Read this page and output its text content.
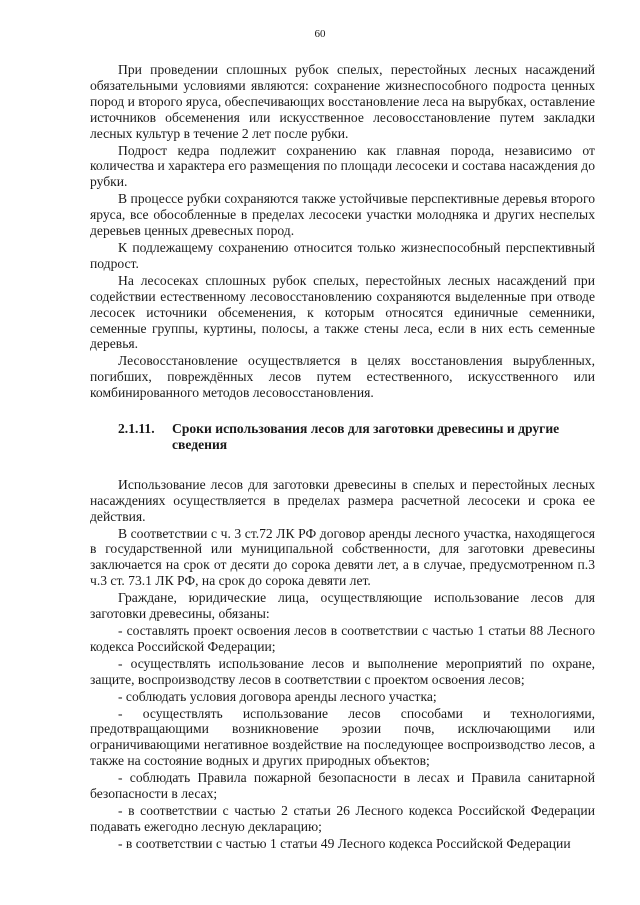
60

При проведении сплошных рубок спелых, перестойных лесных насаждений обязательными условиями являются: сохранение жизнеспособного подроста ценных пород и второго яруса, обеспечивающих восстановление леса на вырубках, оставление источников обсеменения или искусственное лесовосстановление путем закладки лесных культур в течение 2 лет после рубки.

Подрост кедра подлежит сохранению как главная порода, независимо от количества и характера его размещения по площади лесосеки и состава насаждения до рубки.

В процессе рубки сохраняются также устойчивые перспективные деревья второго яруса, все обособленные в пределах лесосеки участки молодняка и других неспелых деревьев ценных древесных пород.

К подлежащему сохранению относится только жизнеспособный перспективный подрост.

На лесосеках сплошных рубок спелых, перестойных лесных насаждений при содействии естественному лесовосстановлению сохраняются выделенные при отводе лесосек источники обсеменения, к которым относятся единичные семенники, семенные группы, куртины, полосы, а также стены леса, если в них есть семенные деревья.

Лесовосстановление осуществляется в целях восстановления вырубленных, погибших, повреждённых лесов путем естественного, искусственного или комбинированного методов лесовосстановления.

2.1.11. Сроки использования лесов для заготовки древесины и другие
сведения

Использование лесов для заготовки древесины в спелых и перестойных лесных насаждениях осуществляется в пределах размера расчетной лесосеки и срока ее действия.

В соответствии с ч. 3 ст.72 ЛК РФ договор аренды лесного участка, находящегося в государственной или муниципальной собственности, для заготовки древесины заключается на срок от десяти до сорока девяти лет, а в случае, предусмотренном п.3 ч.3 ст. 73.1 ЛК РФ, на срок до сорока девяти лет.

Граждане, юридические лица, осуществляющие использование лесов для заготовки древесины, обязаны:

- составлять проект освоения лесов в соответствии с частью 1 статьи 88 Лесного кодекса Российской Федерации;

- осуществлять использование лесов и выполнение мероприятий по охране, защите, воспроизводству лесов в соответствии с проектом освоения лесов;

- соблюдать условия договора аренды лесного участка;

- осуществлять использование лесов способами и технологиями, предотвращающими возникновение эрозии почв, исключающими или ограничивающими негативное воздействие на последующее воспроизводство лесов, а также на состояние водных и других природных объектов;

- соблюдать Правила пожарной безопасности в лесах и Правила санитарной безопасности в лесах;

- в соответствии с частью 2 статьи 26 Лесного кодекса Российской Федерации подавать ежегодно лесную декларацию;

- в соответствии с частью 1 статьи 49 Лесного кодекса Российской Федерации
